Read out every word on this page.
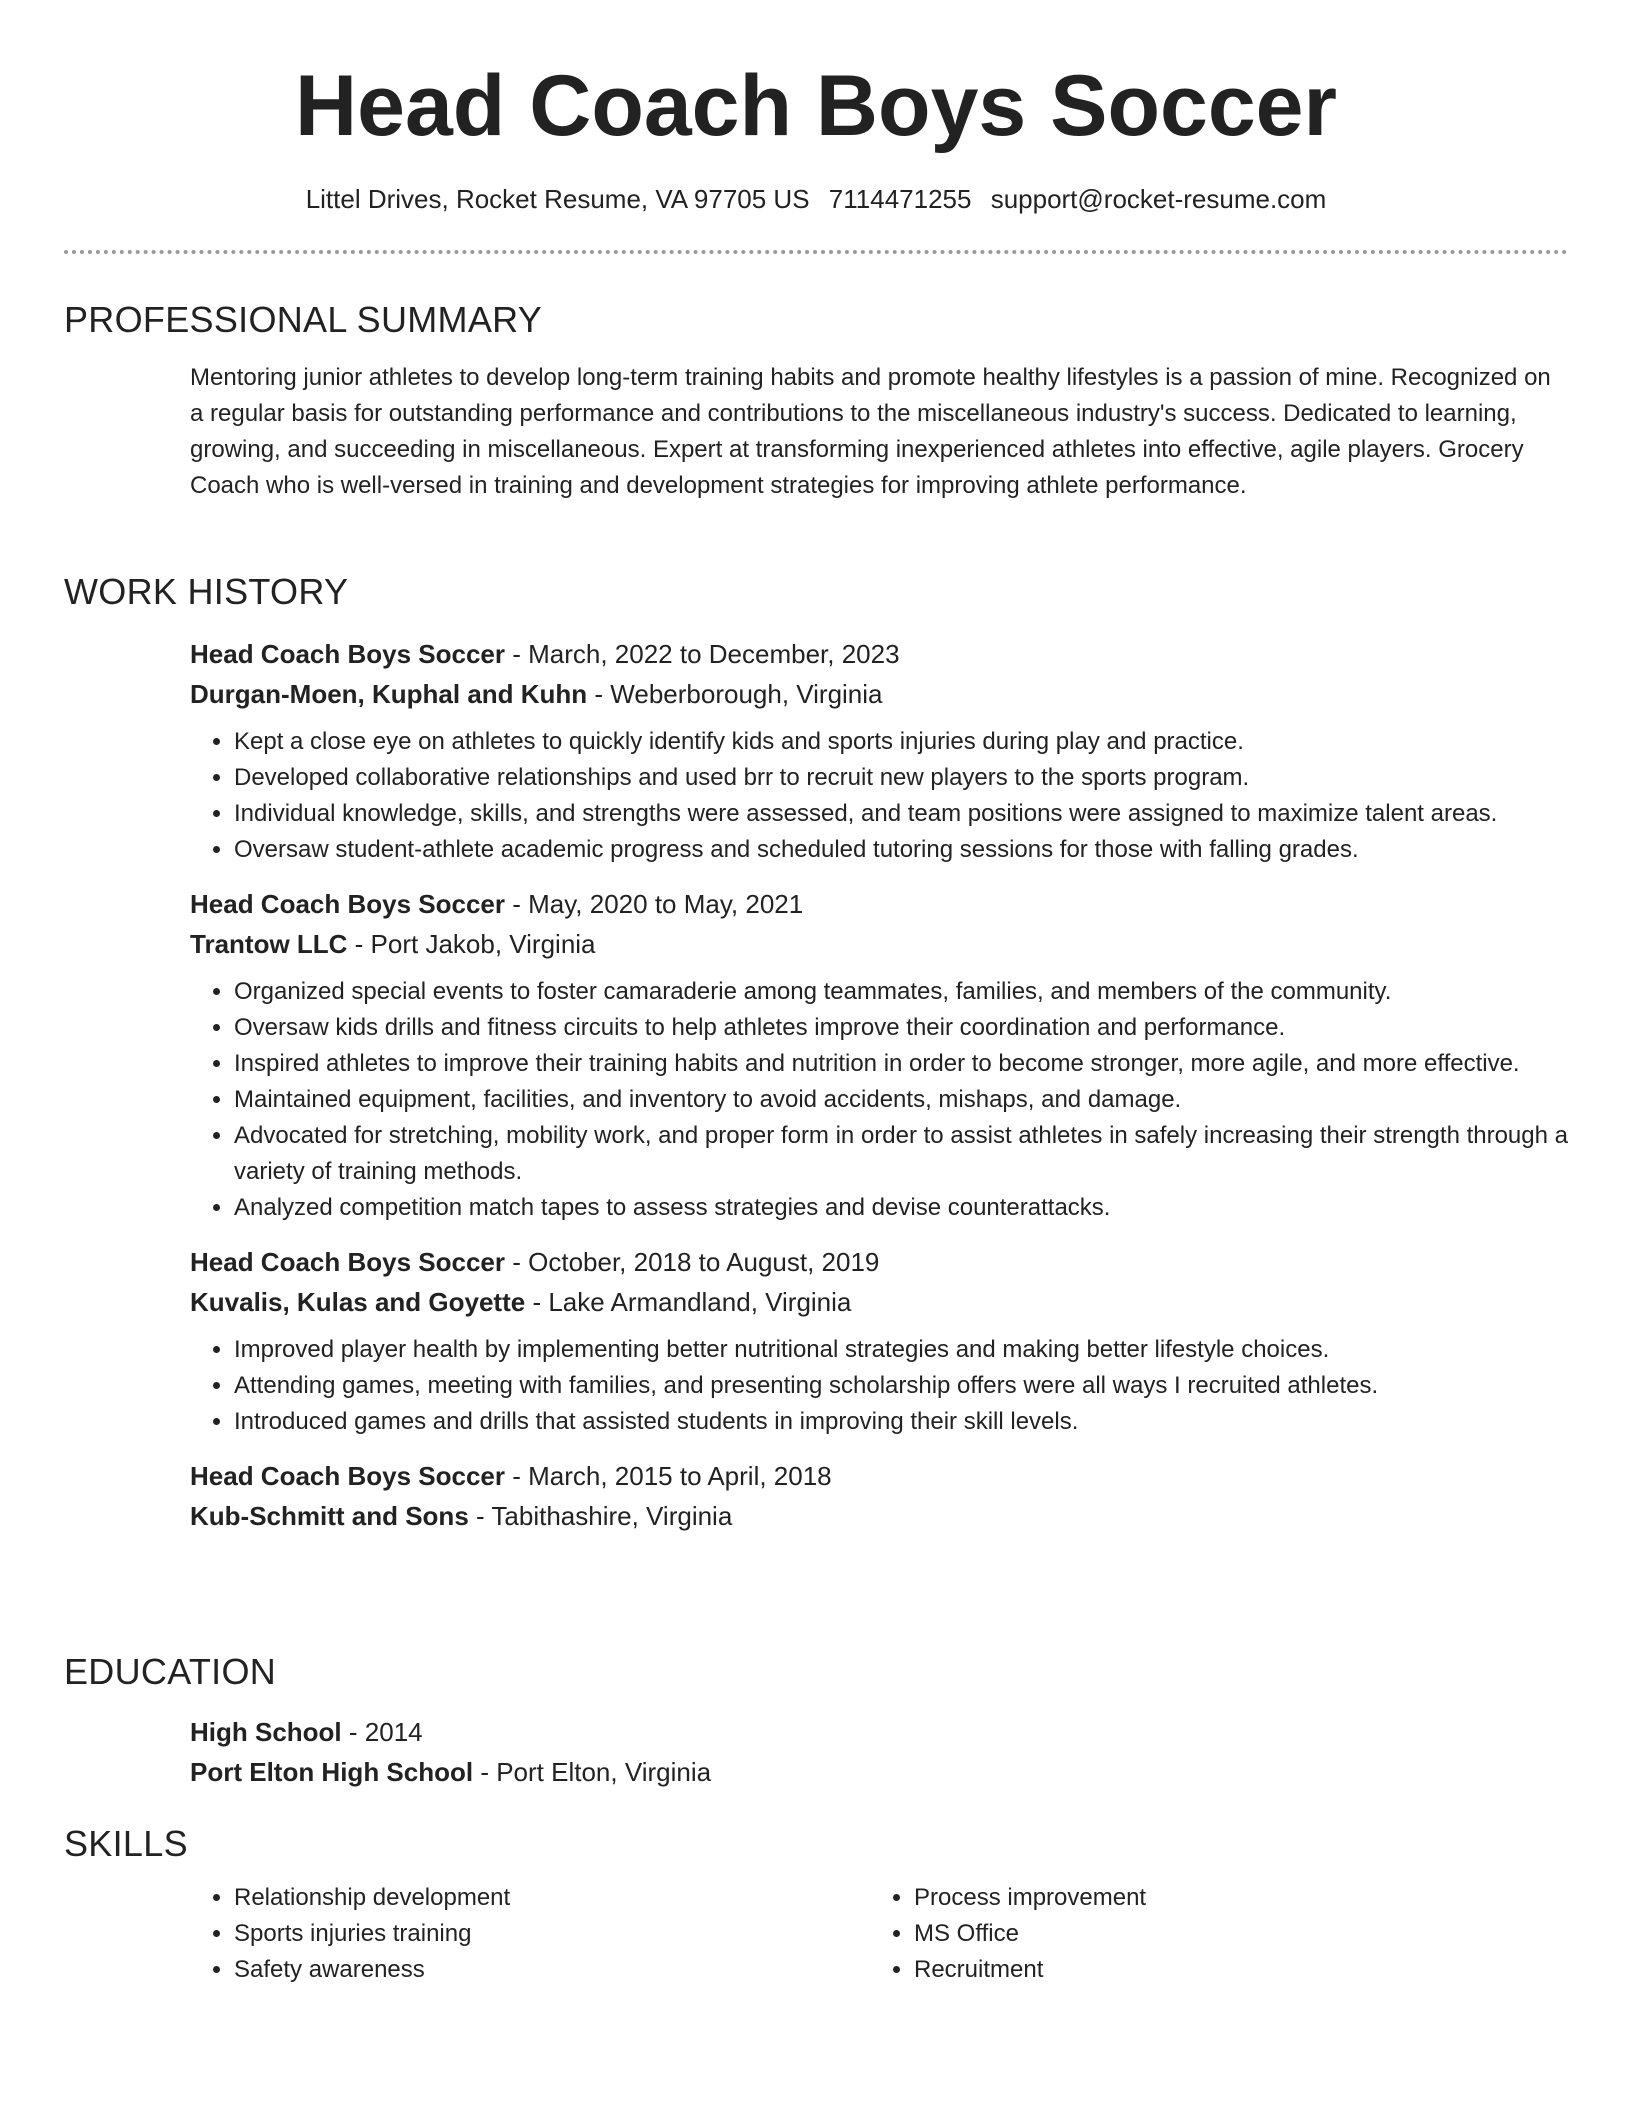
Head Coach Boys Soccer
Littel Drives, Rocket Resume, VA 97705 US 7114471255 support@rocket-resume.com
PROFESSIONAL SUMMARY

Mentoring junior athletes to develop long-term training habits and promote healthy lifestyles is a passion of mine. Recognized on a regular basis for outstanding performance and contributions to the miscellaneous industry's success. Dedicated to learning, growing, and succeeding in miscellaneous. Expert at transforming inexperienced athletes into effective, agile players. Grocery Coach who is well-versed in training and development strategies for improving athlete performance.

WORK HISTORY

Head Coach Boys Soccer - March, 2022 to December, 2023

Durgan-Moen, Kuphal and Kuhn - Weberborough, Virginia

• Kept a close eye on athletes to quickly identify kids and sports injuries during play and practice.
• Developed collaborative relationships and used brr to recruit new players to the sports program.
• Individual knowledge, skills, and strengths were assessed, and team positions were assigned to maximize talent areas.
• Oversaw student-athlete academic progress and scheduled tutoring sessions for those with falling grades.

Head Coach Boys Soccer - May, 2020 to May, 2021

Trantow LLC - Port Jakob, Virginia

• Organized special events to foster camaraderie among teammates, families, and members of the community.
• Oversaw kids drills and fitness circuits to help athletes improve their coordination and performance.
• Inspired athletes to improve their training habits and nutrition in order to become stronger, more agile, and more effective.
• Maintained equipment, facilities, and inventory to avoid accidents, mishaps, and damage.
• Advocated for stretching, mobility work, and proper form in order to assist athletes in safely increasing their strength through a variety of training methods.
• Analyzed competition match tapes to assess strategies and devise counterattacks.

Head Coach Boys Soccer - October, 2018 to August, 2019

Kuvalis, Kulas and Goyette - Lake Armandland, Virginia

• Improved player health by implementing better nutritional strategies and making better lifestyle choices.
• Attending games, meeting with families, and presenting scholarship offers were all ways I recruited athletes.
• Introduced games and drills that assisted students in improving their skill levels.

Head Coach Boys Soccer - March, 2015 to April, 2018

Kub-Schmitt and Sons - Tabithashire, Virginia

EDUCATION

High School - 2014

Port Elton High School - Port Elton, Virginia

SKILLS
• Relationship development
• Sports injuries training
• Safety awareness
• Process improvement
• MS Office
• Recruitment
